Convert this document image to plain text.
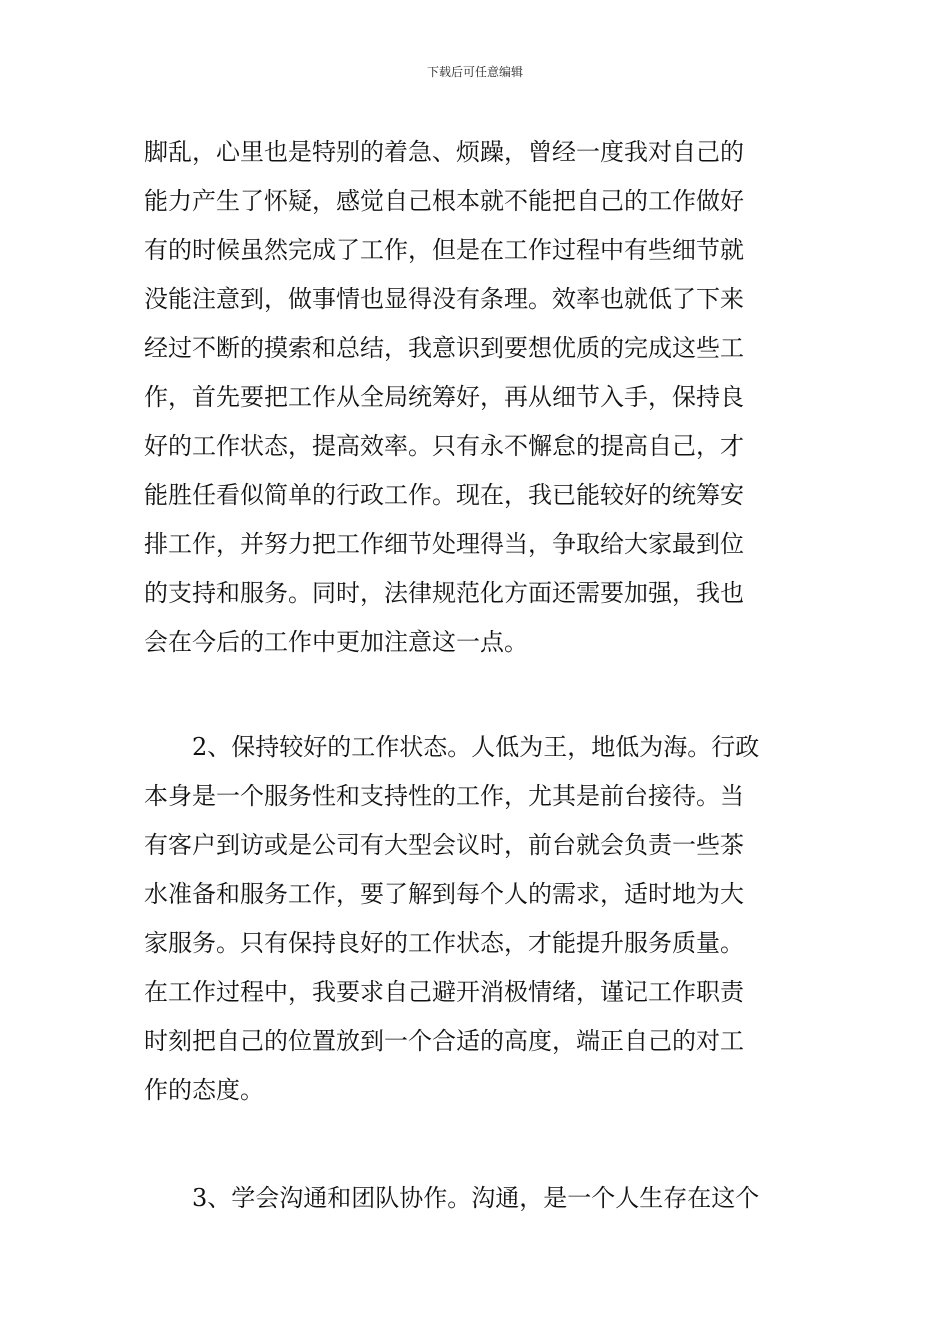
下载后可任意编辑
脚乱，心里也是特别的着急、烦躁，曾经一度我对自己的
能力产生了怀疑，感觉自己根本就不能把自己的工作做好
有的时候虽然完成了工作，但是在工作过程中有些细节就
没能注意到，做事情也显得没有条理。效率也就低了下来
经过不断的摸索和总结，我意识到要想优质的完成这些工
作，首先要把工作从全局统筹好，再从细节入手，保持良
好的工作状态，提高效率。只有永不懈怠的提高自己，才
能胜任看似简单的行政工作。现在，我已能较好的统筹安
排工作，并努力把工作细节处理得当，争取给大家最到位
的支持和服务。同时，法律规范化方面还需要加强，我也
会在今后的工作中更加注意这一点。
2、保持较好的工作状态。人低为王，地低为海。行政
本身是一个服务性和支持性的工作，尤其是前台接待。当
有客户到访或是公司有大型会议时，前台就会负责一些茶
水准备和服务工作，要了解到每个人的需求，适时地为大
家服务。只有保持良好的工作状态，才能提升服务质量。
在工作过程中，我要求自己避开消极情绪，谨记工作职责
时刻把自己的位置放到一个合适的高度，端正自己的对工
作的态度。
3、学会沟通和团队协作。沟通，是一个人生存在这个
